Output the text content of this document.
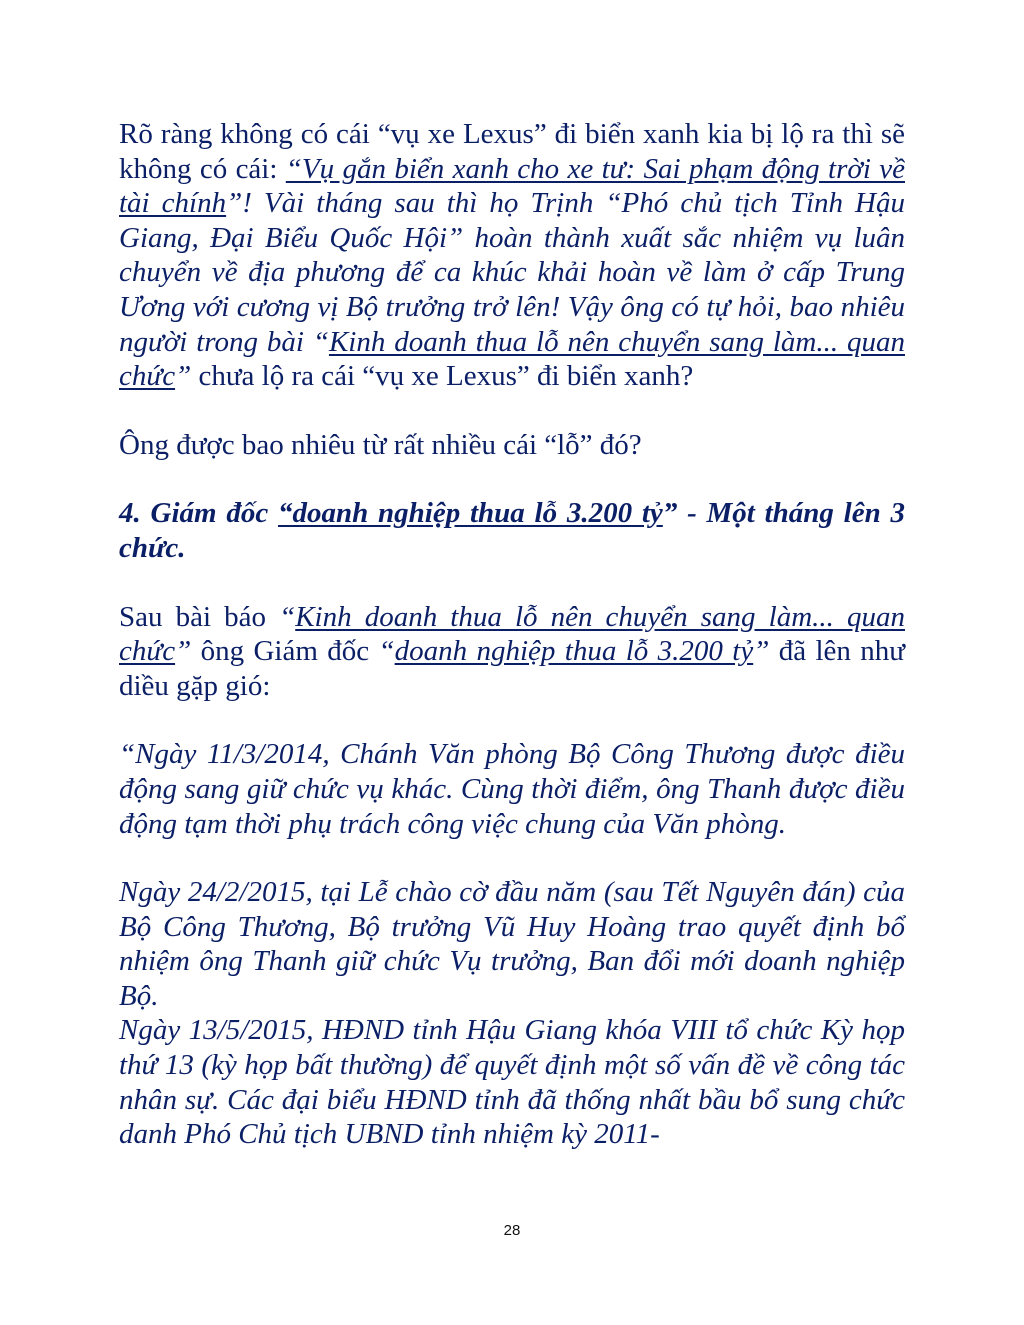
Rõ ràng không có cái “vụ xe Lexus” đi biển xanh kia bị lộ ra thì sẽ không có cái: “Vụ gắn biển xanh cho xe tư: Sai phạm động trời về tài chính”! Vài tháng sau thì họ Trịnh “Phó chủ tịch Tỉnh Hậu Giang, Đại Biểu Quốc Hội” hoàn thành xuất sắc nhiệm vụ luân chuyển về địa phương để ca khúc khải hoàn về làm ở cấp Trung Ương với cương vị Bộ trưởng trở lên! Vậy ông có tự hỏi, bao nhiêu người trong bài “Kinh doanh thua lỗ nên chuyển sang làm... quan chức” chưa lộ ra cái “vụ xe Lexus” đi biển xanh?

Ông được bao nhiêu từ rất nhiều cái “lỗ” đó?

4. Giám đốc “doanh nghiệp thua lỗ 3.200 tỷ” - Một tháng lên 3 chức.

Sau bài báo “Kinh doanh thua lỗ nên chuyển sang làm... quan chức” ông Giám đốc “doanh nghiệp thua lỗ 3.200 tỷ” đã lên như diều gặp gió:

“Ngày 11/3/2014, Chánh Văn phòng Bộ Công Thương được điều động sang giữ chức vụ khác. Cùng thời điểm, ông Thanh được điều động tạm thời phụ trách công việc chung của Văn phòng.

Ngày 24/2/2015, tại Lễ chào cờ đầu năm (sau Tết Nguyên đán) của Bộ Công Thương, Bộ trưởng Vũ Huy Hoàng trao quyết định bổ nhiệm ông Thanh giữ chức Vụ trưởng, Ban đổi mới doanh nghiệp Bộ.

Ngày 13/5/2015, HĐND tỉnh Hậu Giang khóa VIII tổ chức Kỳ họp thứ 13 (kỳ họp bất thường) để quyết định một số vấn đề về công tác nhân sự. Các đại biểu HĐND tỉnh đã thống nhất bầu bổ sung chức danh Phó Chủ tịch UBND tỉnh nhiệm kỳ 2011-

28
